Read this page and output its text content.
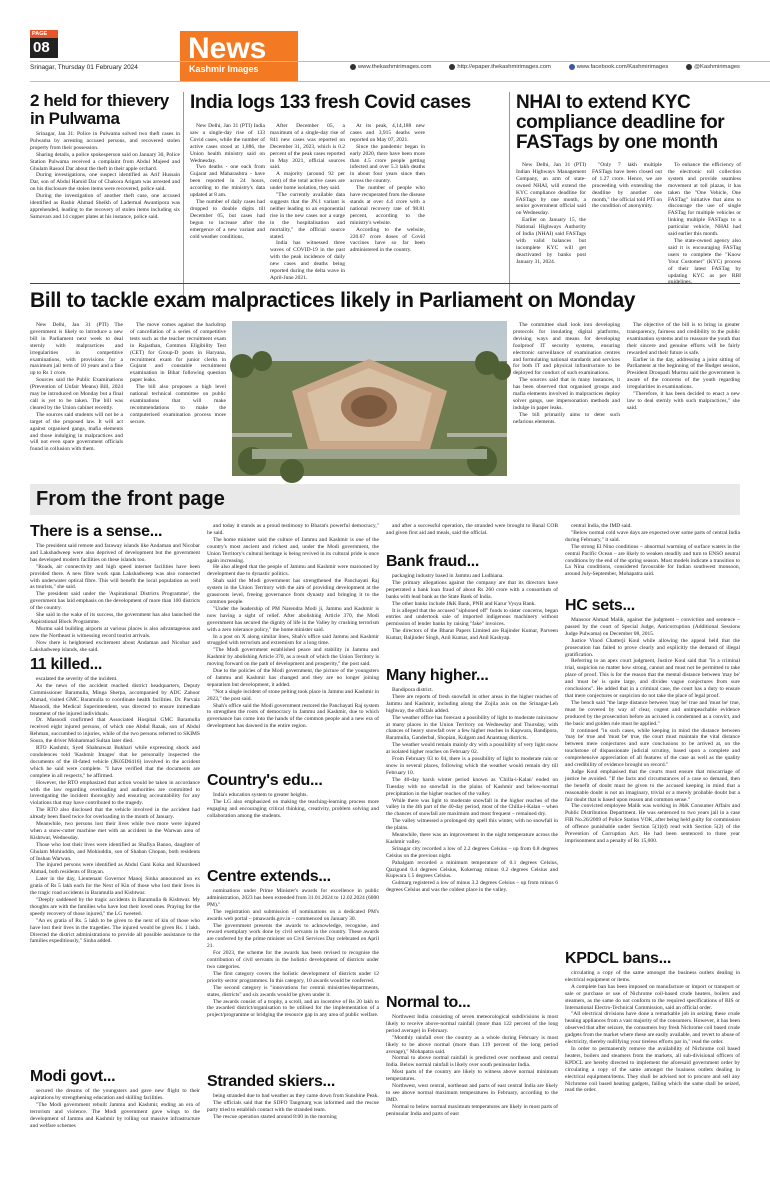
PAGE
08	News
Kashmir Images
Srinagar, Thursday 01 February 2024	www.thekashmirimages.com	http://epaper.thekashmirimages.com	www.facebook.com/Kashmirimages	@Kashmirimages
2 held for thievery in Pulwama

Srinagar, Jan 31: Police in Pulwama solved two theft cases in Pulwama by arresting accused persons, and recovered stolen property from their possession.

Sharing details, a police spokesperson said on January 30, Police Station Pulwama received a complaint from Abdul Majeed and Ghulam Rasool Dar about the theft in their apple orchard.

During investigations, one suspect identified as Arif Hussain Dar, son of Abdul Hamid Dar of Chakora Arigam was arrested and on his disclosure the stolen items were recovered, police said.

During the investigation of another theft case, one accused identified as Bashir Ahmad Sheikh of Ladermal Awantipora was apprehended, leading to the recovery of stolen items including six Samovars and 14 copper plates at his instance, police said.

India logs 133 fresh Covid cases

New Delhi, Jan 31 (PTI) India saw a single-day rise of 133 Covid cases, while the number of active cases stood at 1,886, the Union health ministry said on Wednesday.

Two deaths - one each from Gujarat and Maharashtra - have been reported in 24 hours, according to the ministry's data updated at 8 am.

The number of daily cases had dropped to double digits till December 05, but cases had begun to increase after the emergence of a new variant and cold weather conditions.

After December 05, a maximum of a single-day rise of 841 new cases was reported on December 31, 2023, which is 0.2 percent of the peak cases reported in May 2021, official sources said.

A majority (around 92 per cent) of the total active cases are under home isolation, they said.

"The currently available data suggests that the JN.1 variant is neither leading to an exponential rise in the new cases nor a surge in the hospitalisation and mortality," the official source stated.

India has witnessed three waves of COVID-19 in the past with the peak incidence of daily new cases and deaths being reported during the delta wave in April-June 2021.

At its peak, 4,14,188 new cases and 3,915 deaths were reported on May 07, 2021.

Since the pandemic began in early 2020, there have been more than 4.5 crore people getting infected and over 5.3 lakh deaths in about four years since then across the country.

The number of people who have recuperated from the disease stands at over 4.4 crore with a national recovery rate of 98.81 percent, according to the ministry's website.

According to the website, 220.67 crore doses of Covid vaccines have so far been administered in the country.

NHAI to extend KYC compliance deadline for FASTags by one month

New Delhi, Jan 31 (PTI) Indian Highways Management Company, an arm of state-owned NHAI, will extend the KYC compliance deadline for FASTags by one month, a senior government official said on Wednesday.

Earlier on January 15, the National Highways Authority of India (NHAI) said FASTags with valid balances but incomplete KYC will get deactivated by banks post January 31, 2024.

"Only 7 lakh multiple FASTags have been closed out of 1.27 crore. Hence, we are proceeding with extending the deadline by another one month," the official told PTI on the condition of anonymity.

To enhance the efficiency of the electronic toll collection system and provide seamless movement at toll plazas, it has taken the "One Vehicle, One FASTag" initiative that aims to discourage the use of single FASTag for multiple vehicles or linking multiple FASTags to a particular vehicle, NHAI had said earlier this month.

The state-owned agency also said it is encouraging FASTag users to complete the "Know Your Customer" (KYC) process of their latest FASTag by updating KYC as per RBI

Bill to tackle exam malpractices likely in Parliament on Monday

New Delhi, Jan 31 (PTI) The government is likely to introduce a new bill in Parliament next week to deal sternly with malpractices and irregularities in competitive examinations, with provisions for a maximum jail term of 10 years and a fine up to Rs 1 crore.

Sources said the Public Examinations (Prevention of Unfair Means) Bill, 2024 may be introduced on Monday but a final call is yet to be taken. The bill was cleared by the Union cabinet recently.

The sources said students will not be a target of the proposed law. It will act against organised gangs, mafia elements and those indulging in malpractices and will not even spare government officials found in collusion with them.

The move comes against the backdrop of cancellation of a series of competitive tests such as the teacher recruitment exam in Rajasthan, Common Eligibility Test (CET) for Group-D posts in Haryana, recruitment exam for junior clerks in Gujarat and constable recruitment examination in Bihar following question paper leaks.

The bill also proposes a high level national technical committee on public examinations that will make recommendations to make the computerised examination process more secure.

The committee shall look into developing protocols for insulating digital platforms, devising ways and means for developing foolproof IT security systems, ensuring electronic surveillance of examination centres and formulating national standards and services for both IT and physical infrastructure to be deployed for conduct of such examinations.

The sources said that in many instances, it has been observed that organised groups and mafia elements involved in malpractices deploy solver gangs, use impersonation methods and indulge in paper leaks.

The bill primarily aims to deter such nefarious elements.

The objective of the bill is to bring in greater transparency, fairness and credibility to the public examination systems and to reassure the youth that their sincere and genuine efforts will be fairly rewarded and their future is safe.

Earlier in the day, addressing a joint sitting of Parliament at the beginning of the Budget session, President Droupadi Murmu said the government is aware of the concerns of the youth regarding irregularities in examinations.

"Therefore, it has been decided to enact a new law to deal sternly with such malpractices," she said.

From the front page
There is a sense...

The president said remote and faraway islands like Andaman and Nicobar and Lakshadweep were also deprived of development but the government has developed modern facilities on these islands too.

"Roads, air connectivity and high speed internet facilities have been provided there. A new fibre work span Lakshadweep was also connected with underwater optical fibre. This will benefit the local population as well as tourists," she said.

The president said under the 'Aspirational Districts Programme', the government has laid emphasis on the development of more than 100 districts of the country.

She said in the wake of its success, the government has also launched the Aspirational Block Programme.

Murmu said building airports at various places is also advantageous and now the Northeast is witnessing record tourist arrivals.

Now there is heightened excitement about Andaman and Nicobar and Lakshadweep islands, she said.

11 killed...

escalated the severity of the incident.

As the news of the accident reached district headquarters, Deputy Commissioner Baramulla, Minga Sherpa, accompanied by ADC Zahoor Ahmad, visited GMC Baramulla to coordinate health facilities. Dr. Parvaiz Masoodi, the Medical Superintendent, was directed to ensure immediate treatment of the injured individuals.

Dr. Masoodi confirmed that Associated Hospital GMC Baramulla received eight injured persons, of which one Abdul Razak, son of Abdul Rehman, succumbed to injuries, while of the two persons referred to SKIMS Soura, the driver Mohammad Sultan later died.

RTO Kashmir, Syed Shahnawaz Bukhari while expressing shock and condolences told 'Kashmir Images' that he personally inspected the documents of the ill-fated vehicle (JK05D6416) involved in the accident which he said were complete. "I have verified that the documents are complete in all respects," he affirmed.

However, the RTO emphasized that action would be taken in accordance with the law regarding overloading and authorities are committed to investigating the incident thoroughly and ensuring accountability for any violations that may have contributed to the tragedy.

The RTO also disclosed that the vehicle involved in the accident had already been fined twice for overloading in the month of January.

Meanwhile, two persons lost their lives while two more were injured when a snow-cutter machine met with an accident in the Warwan area of Kishtwar, Wednesday.

Those who lost their lives were identified as Shafiya Banoo, daughter of Ghulam Mohiuddin, and Mohiuddin, son of Shaban Chopan, both residents of Inshan Warwan.

The injured persons were identified as Abdul Gani Koka and Khursheed Ahmad, both residents of Brayan.

Later in the day, Lieutenant Governor Manoj Sinha announced an ex gratia of Rs 5 lakh each for the Next of Kin of those who lost their lives in the tragic road accidents in Baramulla and Kishtwar.

"Deeply saddened by the tragic accidents in Baramulla & Kishtwar. My thoughts are with the families who have lost their loved ones. Praying for the speedy recovery of those injured," the LG tweeted.

"An ex gratia of Rs. 5 lakh to be given to the next of kin of those who have lost their lives in the tragedies. The injured would be given Rs. 1 lakh. Directed the district administrations to provide all possible assistance to the families expeditiously," Sinha added.

Modi govt...

secured the dreams of the youngsters and gave new flight to their aspirations by strengthening education and skilling facilities.

"The Modi government rebuilt Jammu and Kashmir, ending an era of terrorism and violence. The Modi government gave wings to the development of Jammu and Kashmir by rolling out massive infrastructure and welfare schemes

and today it stands as a proud testimony to Bharat's powerful democracy," he said.

The home minister said the culture of Jammu and Kashmir is one of the country's most ancient and richest and, under the Modi government, the Union Territory's cultural heritage is being revived in its cultural pride is once again increasing.

He also alleged that the people of Jammu and Kashmir were marooned by development due to dynastic politics.

Shah said the Modi government has strengthened the Panchayati Raj system in the Union Territory with the aim of providing development at the grassroots level, freeing governance from dynasty and bringing it to the common people.

"Under the leadership of PM Narendra Modi ji, Jammu and Kashmir is now having a sight of relief. After abolishing Article 370, the Modi government has secured the dignity of life in the Valley by crushing terrorism with a zero tolerance policy," the home minister said.

In a post on X along similar lines, Shah's office said Jammu and Kashmir struggled with terrorism and extremism for a long time.

"The Modi government established peace and stability in Jammu and Kashmir by abolishing Article 370, as a result of which the Union Territory is moving forward on the path of development and prosperity," the post said.

Due to the policies of the Modi government, the picture of the youngsters of Jammu and Kashmir has changed and they are no longer joining separatism but development, it added.

"Not a single incident of stone pelting took place in Jammu and Kashmir in 2023," the post said.

Shah's office said the Modi government restored the Panchayati Raj system to strengthen the roots of democracy in Jammu and Kashmir, due to which governance has come into the hands of the common people and a new era of development has dawned in the entire region.

Country's edu...

India's education system to greater heights.

The LG also emphasized on making the teaching-learning process more engaging and encouraging critical thinking, creativity, problem solving and collaboration among the students.

Centre extends...

nominations under Prime Minister's awards for excellence in public administration, 2023 has been extended from 31.01.2024 to 12.02.2024 (6000 PM)."

The registration and submission of nominations on a dedicated PM's awards web portal – pmawards.gov.in – commenced on January 30.

The government presents the awards to acknowledge, recognise, and reward exemplary work done by civil servants in the country. These awards are conferred by the prime minister on Civil Services Day celebrated on April 21.

For 2023, the scheme for the awards has been revised to recognise the contribution of civil servants in the holistic development of districts under two categories.

The first category covers the holistic development of districts under 12 priority sector programmes. In this category, 10 awards would be conferred.

The second category is "innovations for central ministries/departments, states, districts" and six awards would be given under it.

The awards consist of a trophy, a scroll, and an incentive of Rs 20 lakh to the awarded district/organisation to be utilised for the implementation of a project/programme or bridging the resource gap in any area of public welfare.

Stranded skiers...

being stranded due to bad weather as they came down from Sunshine Peak.

The officials said that the SDFO Tangmarg was informed and the rescue party tried to establish contact with the stranded team.

The rescue operation started around 8:00 in the morning

and after a successful operation, the stranded were brought to Banal COB and given first aid and meals, said the official.

Bank fraud...

packaging industry based in Jammu and Ludhiana.

The primary allegations against the company are that its directors have perpetrated a bank loan fraud of about Rs 260 crore with a consortium of banks with lead bank as the State Bank of India.

The other banks include J&K Bank, PNB and Karur Vysya Bank.

It is alleged that the accused "siphoned off" funds to sister concerns, began entries and undertook sale of imported indigenous machinery without permission of lender banks by raising "fake" invoices.

The directors of the Bharat Papers Limited are Rajinder Kumar, Parveen Kumar, Baljinder Singh, Anil Kumar, and Anil Kashyap.

Many higher...

Bandipora district.

There are reports of fresh snowfall in other areas in the higher reaches of Jammu and Kashmir, including along the Zojila axis on the Srinagar-Leh highway, the officials added.

The weather office has forecast a possibility of light to moderate rain/snow at many places in the Union Territory on Wednesday and Thursday, with chances of heavy snowfall over a few higher reaches in Kupwara, Bandipora, Baramulla, Ganderbal, Shopian, Kulgam and Anantnag districts.

The weather would remain mainly dry with a possibility of very light snow at isolated higher reaches on February 02.

From February 03 to 04, there is a possibility of light to moderate rain or snow in several places, following which the weather would remain dry till February 10.

The 40-day harsh winter period known as 'Chilla-i-Kalan' ended on Tuesday with no snowfall in the plains of Kashmir and below-normal precipitation in the higher reaches of the valley.

While there was light to moderate snowfall in the higher reaches of the valley in the 4th part of the 40-day period, most of the Chilla-i-Kalan – when the chances of snowfall are maximum and most frequent – remained dry.

The valley witnessed a prolonged dry spell this winter, with no snowfall in the plains.

Meanwhile, there was an improvement in the night temperature across the Kashmir valley.

Srinagar city recorded a low of 2.2 degrees Celsius – up from 0.8 degrees Celsius on the previous night.

Pahalgam recorded a minimum temperature of 0.1 degrees Celsius, Qazigund 0.4 degrees Celsius, Kokernag minus 0.2 degrees Celsius and Kupwara 1.5 degrees Celsius.

Gulmarg registered a low of minus 3.2 degrees Celsius – up from minus 6 degrees Celsius and was the coldest place in the valley.

Normal to...

Northwest India consisting of seven meteorological subdivisions is most likely to receive above-normal rainfall (more than 122 percent of the long period average) in February.

"Monthly rainfall over the country as a whole during February is most likely to be above normal (more than 119 percent of the long period average)," Mohapatra said.

Normal to above normal rainfall is predicted over northeast and central India. Below normal rainfall is likely over south peninsular India.

Most parts of the country are likely to witness above normal minimum temperatures.

Northwest, west central, northeast and parts of east central India are likely to see above normal maximum temperatures in February, according to the IMD.

Normal to below normal maximum temperatures are likely in most parts of peninsular India and parts of east

central India, the IMD said.

"Below normal cold wave days are expected over some parts of central India during February," it said.

The strong El Nino conditions – abnormal warming of surface waters in the central Pacific Ocean – are likely to weaken steadily and turn to ENSO neutral conditions by the end of the spring season. Most models indicate a transition to La Nina conditions, considered favourable for Indian southwest monsoon, around July-September, Mohapatra said.

HC sets...

Mansoor Ahmad Malik, against the judgment – conviction and sentence – passed by the court of Special Judge, Anticorruption (Additional Sessions Judge Pulwama) on December 08, 2015.

Justice Vinod Chatterji Koul while allowing the appeal held that the prosecution has failed to prove clearly and explicitly the demand of illegal gratification.

Referring to an apex court judgment, Justice Koul said that "in a criminal trial, suspicion no matter how strong, cannot and must not be permitted to take place of proof. This is for the reason that the mental distance between 'may be' and 'must be' is quite large, and divides vague conjectures from sure conclusions". He added that in a criminal case, the court has a duty to ensure that mere conjectures or suspicion do not take the place of legal proof.

The bench said "the large distance between 'may be' true and 'must be' true, must be covered by way of clear, cogent and unimpeachable evidence produced by the prosecution before an accused is condemned as a convict, and the basic and golden rule must be applied."

It continued "in such cases, while keeping in mind the distance between 'may be' true and 'must be' true, the court must maintain the vital distance between mere conjectures and sure conclusions to be arrived at, on the touchstone of dispassionate judicial scrutiny, based upon a complete and comprehensive appreciation of all features of the case as well as the quality and credibility of evidence brought on record."

Judge Koul emphasised that the courts must ensure that miscarriage of justice be avoided. "If the facts and circumstances of a case so demand, then the benefit of doubt must be given to the accused keeping in mind that a reasonable doubt is not an imaginary, trivial or a merely probable doubt but a fair doubt that is based upon reason and common sense."

The convicted employee Malik was working in J&K Consumer Affairs and Public Distribution Department. He was sentenced to two years jail in a case FIR No.26/2009 of Police Station VOK, after being held guilty for commission of offence punishable under Section 5(1)(d) read with Section 5(2) of the Prevention of Corruption Act. He had been sentenced to three year imprisonment and a penalty of Rs 15,000.

KPDCL bans...

circulating a copy of the same amongst the business outlets dealing in electrical equipment or items.

A complete ban has been imposed on manufacture or import or transport or sale or purchase or use of Nichrome coil-based crude heaters, boilers and steamers, as the same do not conform to the required specifications of BIS or International Electro-Technical Commission, said an official order.

"All electrical divisions have done a remarkable job in seizing these crude heating appliances from a vast majority of the consumers. However, it has been observed that after seizure, the consumers buy fresh Nichrome coil based crude gadgets from the market where these are easily available, and revert to abuse of electricity, thereby nullifying your tireless efforts par in," read the order.

In order to permanently remove the availability of Nichrome coil based heaters, boilers and steamers from the markets, all sub-divisional officers of KPDCL are hereby directed to implement the aforesaid government order by circulating a copy of the same amongst the business outlets dealing in electrical equipment/items. They shall be advised not to procure and sell any Nichrome coil based heating gadgets, failing which the same shall be seized, read the order.
